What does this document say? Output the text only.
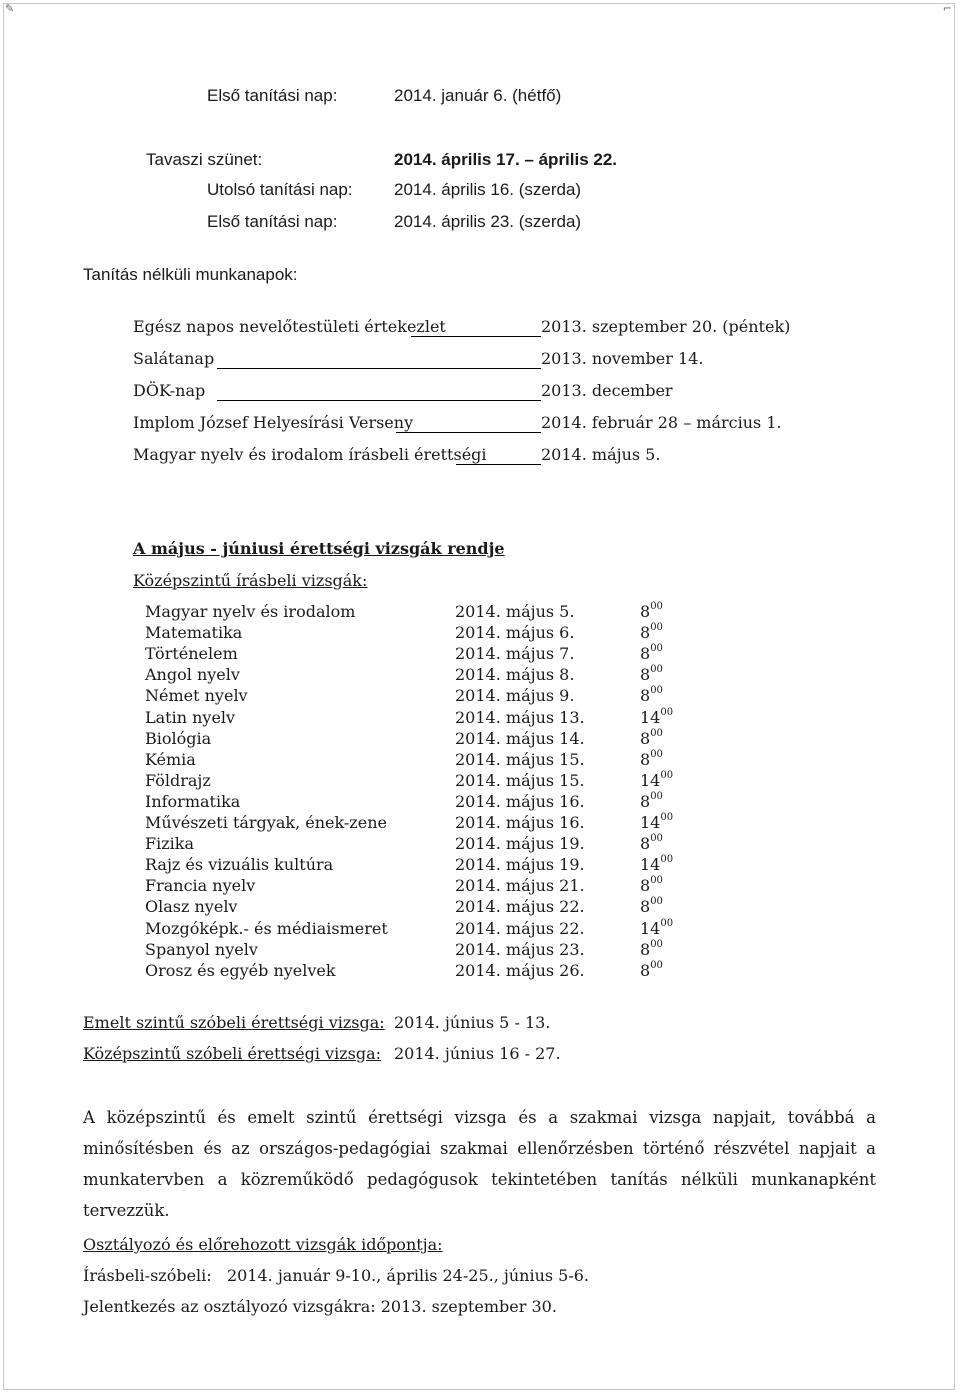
✎	⌐
Első tanítási nap:	2014. január 6. (hétfő)
Tavaszi szünet:	2014. április 17. – április 22.
Utolsó tanítási nap: 2014. április 16. (szerda)
Első tanítási nap:	2014. április 23. (szerda)
Tanítás nélküli munkanapok:
Egész napos nevelőtestületi értekezlet	2013. szeptember 20. (péntek)
Salátanap	2013. november 14.
DÖK-nap	2013. december
Implom József Helyesírási Verseny	2014. február 28 – március 1.
Magyar nyelv és irodalom írásbeli érettségi	2014. május 5.
A május - júniusi érettségi vizsgák rendje
Középszintű írásbeli vizsgák:
Magyar nyelv és irodalom	2014. május 5.	$8^{00}$
Matematika	2014. május 6.	$8^{00}$
Történelem	2014. május 7.	$8^{00}$
Angol nyelv	2014. május 8.	$8^{00}$
Német nyelv	2014. május 9.	$8^{00}$
Latin nyelv	2014. május 13.	$14^{00}$
Biológia	2014. május 14.	$8^{00}$
Kémia	2014. május 15.	$8^{00}$
Földrajz	2014. május 15.	$14^{00}$
Informatika	2014. május 16.	$8^{00}$
Művészeti tárgyak, ének-zene	2014. május 16.	$14^{00}$
Fizika	2014. május 19.	$8^{00}$
Rajz és vizuális kultúra	2014. május 19.	$14^{00}$
Francia nyelv	2014. május 21.	$8^{00}$
Olasz nyelv	2014. május 22.	$8^{00}$
Mozgóképk.- és médiaismeret	2014. május 22.	$14^{00}$
Spanyol nyelv	2014. május 23.	$8^{00}$
Orosz és egyéb nyelvek	2014. május 26.	$8^{00}$
Emelt szintű szóbeli érettségi vizsga: 2014. június 5 - 13.
Középszintű szóbeli érettségi vizsga: 2014. június 16 - 27.
A középszintű és emelt szintű érettségi vizsga és a szakmai vizsga napjait, továbbá a minősítésben és az országos-pedagógiai szakmai ellenőrzésben történő részvétel napjait a munkatervben a közreműködő pedagógusok tekintetében tanítás nélküli munkanapként tervezzük.
Osztályozó és előrehozott vizsgák időpontja:
Írásbeli-szóbeli:   2014. január 9-10., április 24-25., június 5-6.
Jelentkezés az osztályozó vizsgákra: 2013. szeptember 30.
